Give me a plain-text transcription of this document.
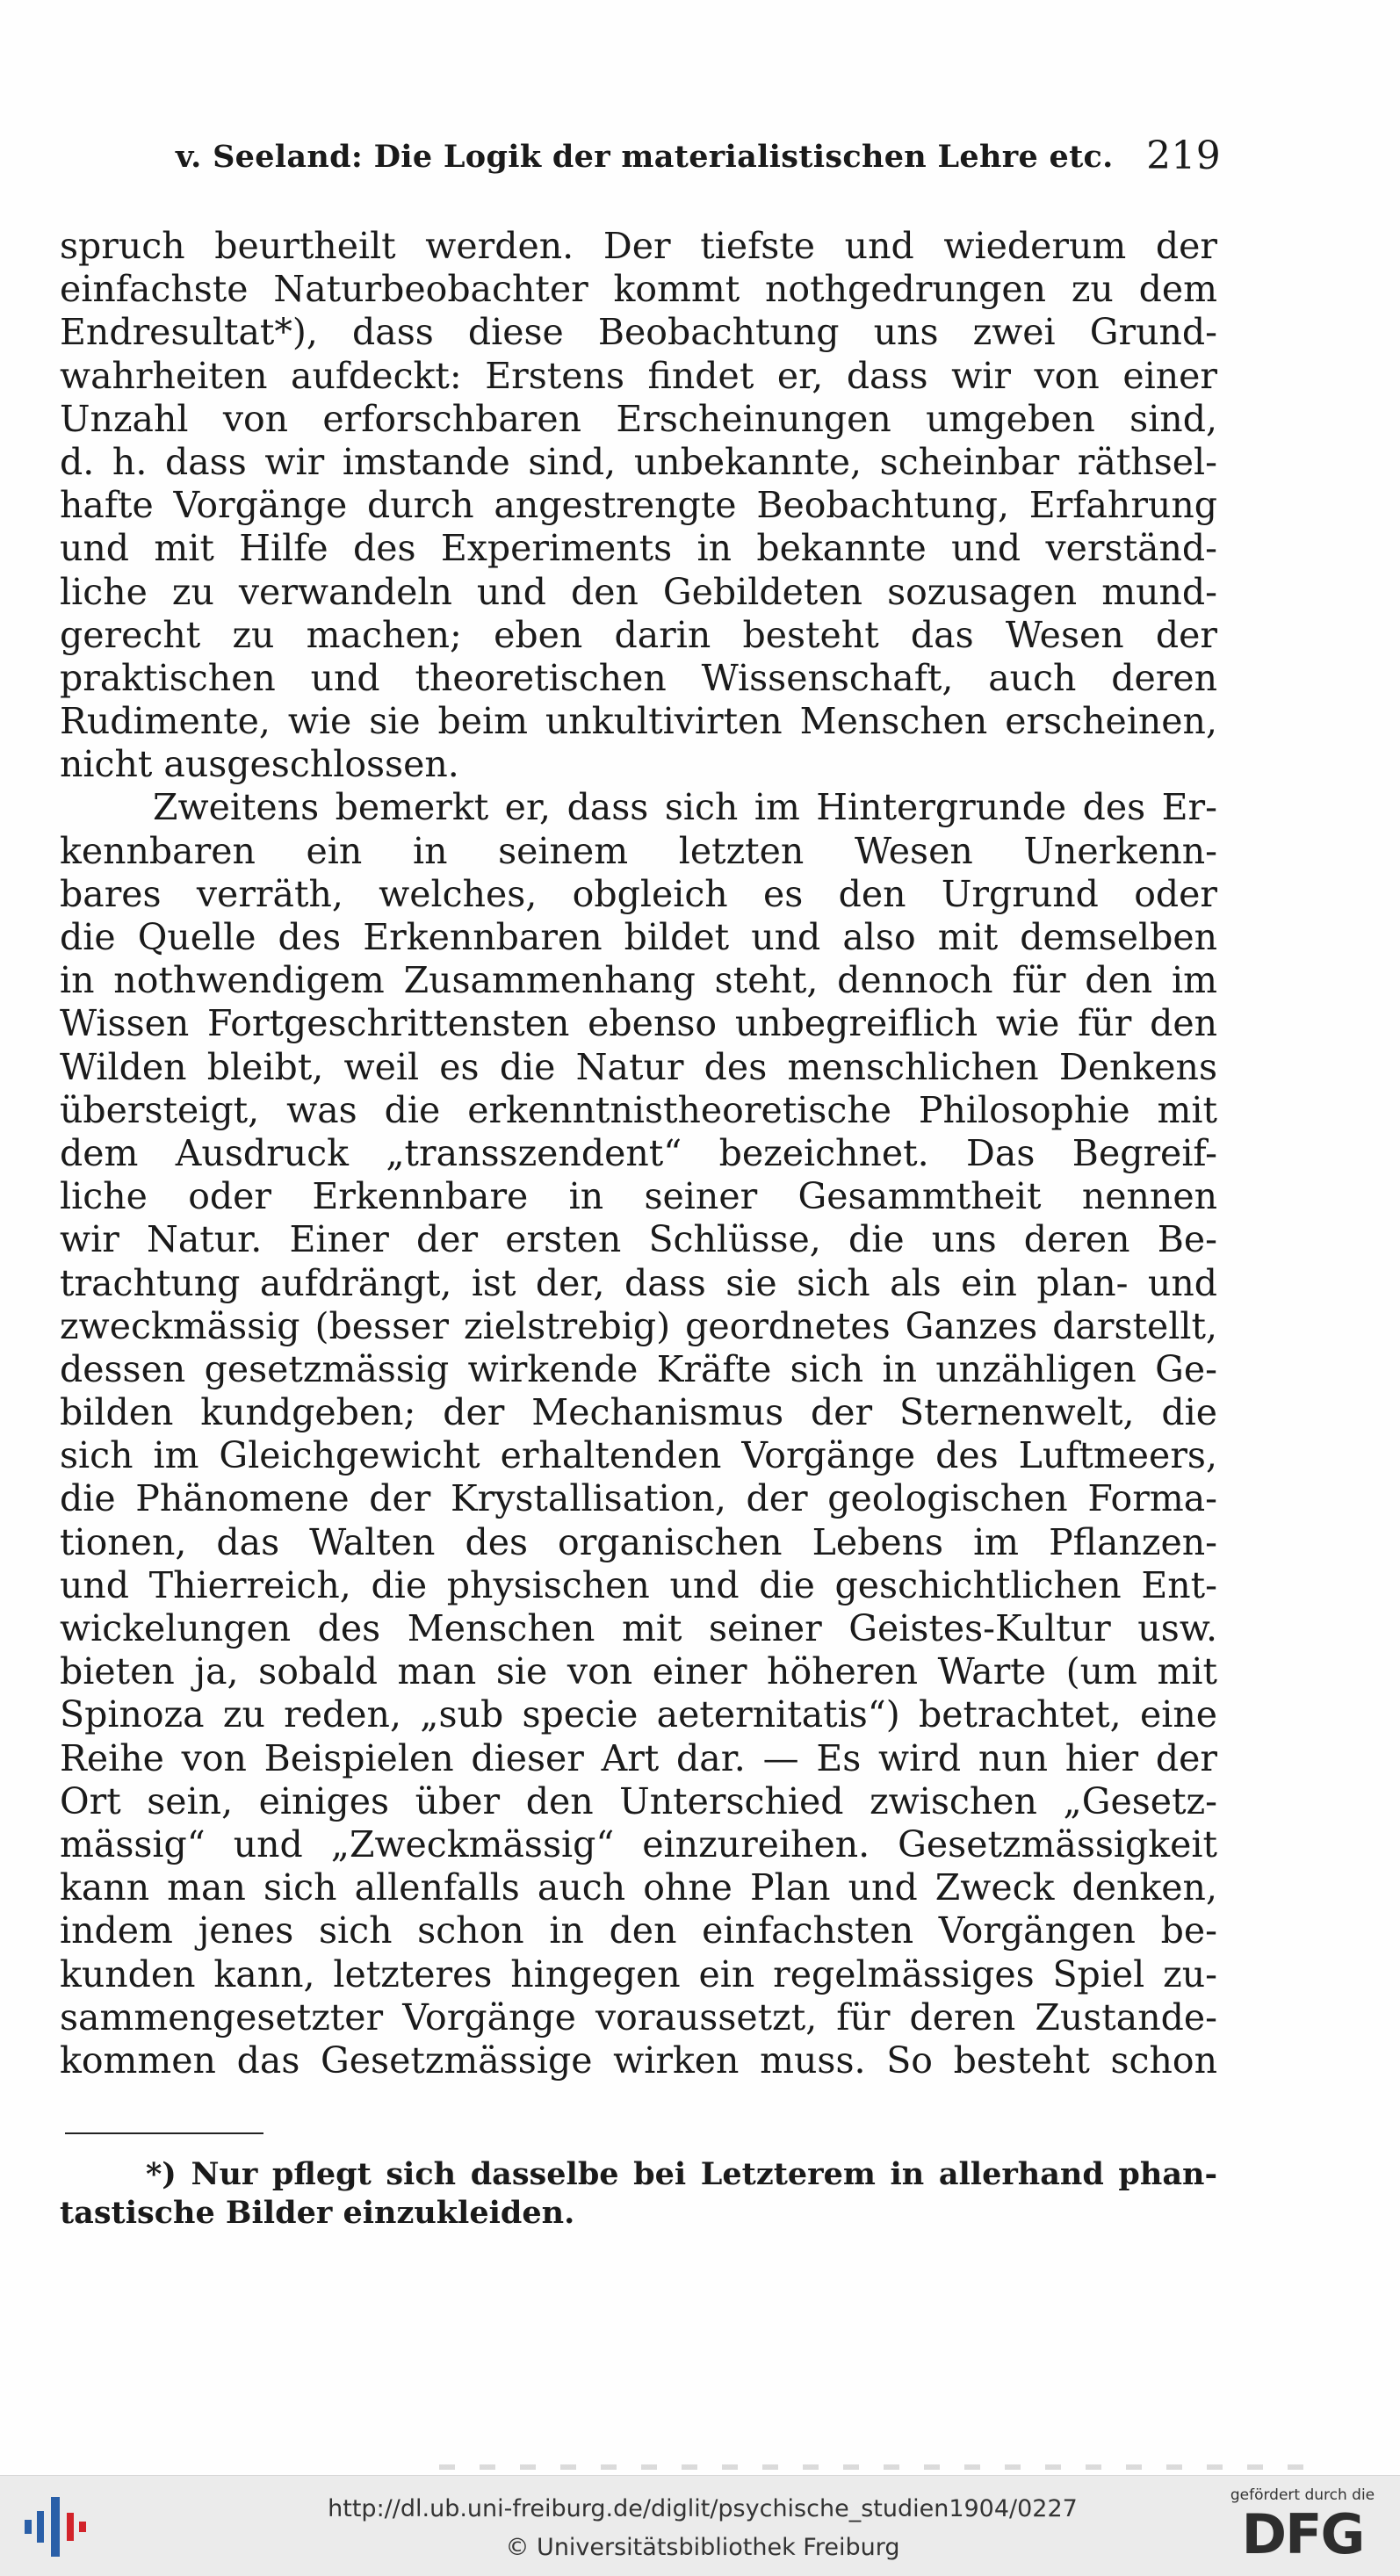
v. Seeland: Die Logik der materialistischen Lehre etc. 219
spruch beurtheilt werden. Der tiefste und wiederum der
einfachste Naturbeobachter kommt nothgedrungen zu dem
Endresultat*), dass diese Beobachtung uns zwei Grund-
wahrheiten aufdeckt: Erstens findet er, dass wir von einer
Unzahl von erforschbaren Erscheinungen umgeben sind,
d. h. dass wir imstande sind, unbekannte, scheinbar räthsel-
hafte Vorgänge durch angestrengte Beobachtung, Erfahrung
und mit Hilfe des Experiments in bekannte und verständ-
liche zu verwandeln und den Gebildeten sozusagen mund-
gerecht zu machen; eben darin besteht das Wesen der
praktischen und theoretischen Wissenschaft, auch deren
Rudimente, wie sie beim unkultivirten Menschen erscheinen,
nicht ausgeschlossen.
Zweitens bemerkt er, dass sich im Hintergrunde des Er-
kennbaren ein in seinem letzten Wesen Unerkenn-
bares verräth, welches, obgleich es den Urgrund oder
die Quelle des Erkennbaren bildet und also mit demselben
in nothwendigem Zusammenhang steht, dennoch für den im
Wissen Fortgeschrittensten ebenso unbegreiflich wie für den
Wilden bleibt, weil es die Natur des menschlichen Denkens
übersteigt, was die erkenntnistheoretische Philosophie mit
dem Ausdruck „transszendent“ bezeichnet. Das Begreif-
liche oder Erkennbare in seiner Gesammtheit nennen
wir Natur. Einer der ersten Schlüsse, die uns deren Be-
trachtung aufdrängt, ist der, dass sie sich als ein plan- und
zweckmässig (besser zielstrebig) geordnetes Ganzes darstellt,
dessen gesetzmässig wirkende Kräfte sich in unzähligen Ge-
bilden kundgeben; der Mechanismus der Sternenwelt, die
sich im Gleichgewicht erhaltenden Vorgänge des Luftmeers,
die Phänomene der Krystallisation, der geologischen Forma-
tionen, das Walten des organischen Lebens im Pflanzen-
und Thierreich, die physischen und die geschichtlichen Ent-
wickelungen des Menschen mit seiner Geistes-Kultur usw.
bieten ja, sobald man sie von einer höheren Warte (um mit
Spinoza zu reden, „sub specie aeternitatis“) betrachtet, eine
Reihe von Beispielen dieser Art dar. — Es wird nun hier der
Ort sein, einiges über den Unterschied zwischen „Gesetz-
mässig“ und „Zweckmässig“ einzureihen. Gesetzmässigkeit
kann man sich allenfalls auch ohne Plan und Zweck denken,
indem jenes sich schon in den einfachsten Vorgängen be-
kunden kann, letzteres hingegen ein regelmässiges Spiel zu-
sammengesetzter Vorgänge voraussetzt, für deren Zustande-
kommen das Gesetzmässige wirken muss. So besteht schon
*) Nur pflegt sich dasselbe bei Letzterem in allerhand phan-
tastische Bilder einzukleiden.
http://dl.ub.uni-freiburg.de/diglit/psychische_studien1904/0227
© Universitätsbibliothek Freiburg
gefördert durch die
DFG
